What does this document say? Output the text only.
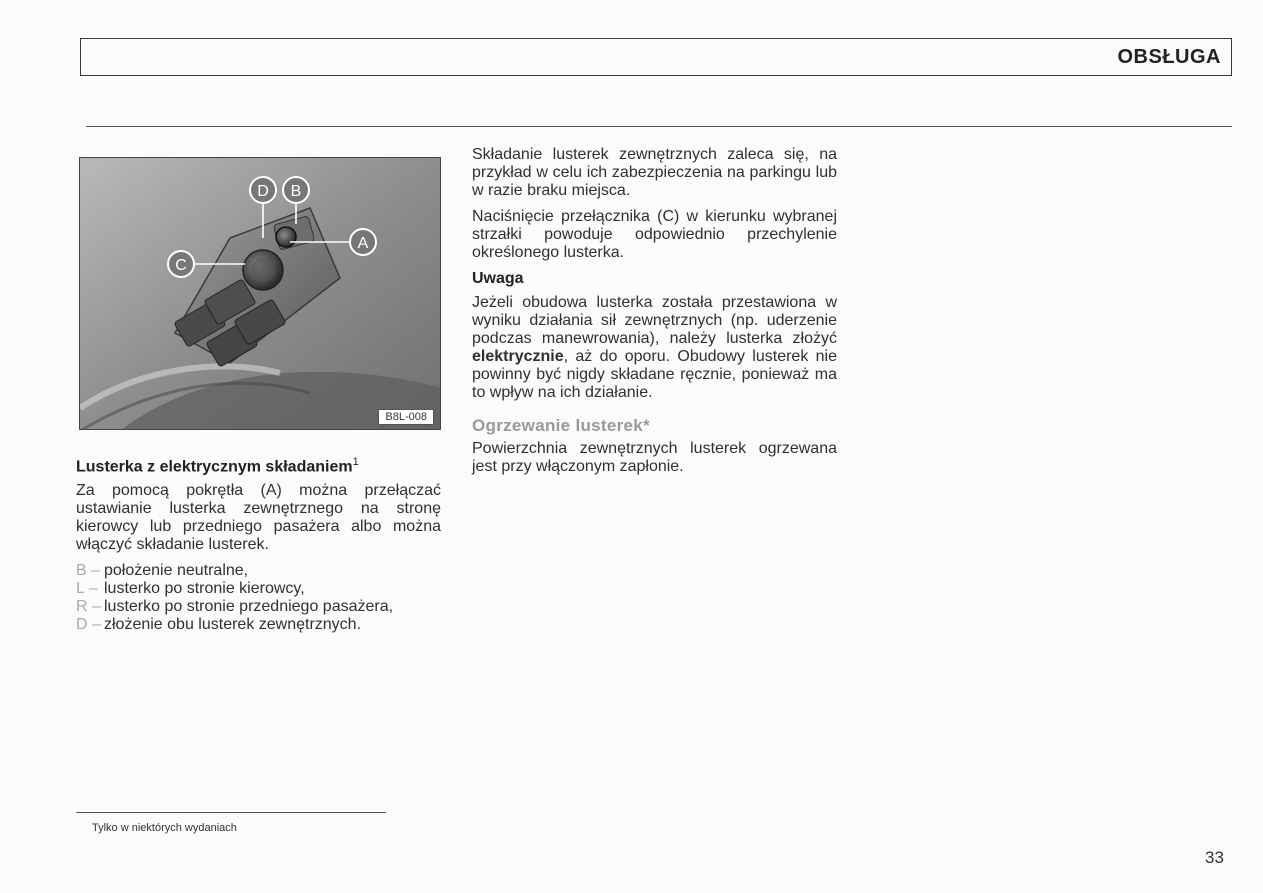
OBSŁUGA
D B
A
C
B8L-008
Lusterka z elektrycznym składaniem$^1$

Za pomocą pokrętła (A) można przełączać ustawianie lusterka zewnętrznego na stronę kierowcy lub przedniego pasażera albo można włączyć składanie lusterek.

B – położenie neutralne,
L – lusterko po stronie kierowcy,
R – lusterko po stronie przedniego pasażera,
D – złożenie obu lusterek zewnętrznych.

Składanie lusterek zewnętrznych zaleca się, na przykład w celu ich zabezpieczenia na parkingu lub w razie braku miejsca.

Naciśnięcie przełącznika (C) w kierunku wybranej strzałki powoduje odpowiednio przechylenie określonego lusterka.

Uwaga

Jeżeli obudowa lusterka została przestawiona w wyniku działania sił zewnętrznych (np. uderzenie podczas manewrowania), należy lusterka złożyć elektrycznie, aż do oporu. Obudowy lusterek nie powinny być nigdy składane ręcznie, ponieważ ma to wpływ na ich działanie.

Ogrzewanie lusterek*

Powierzchnia zewnętrznych lusterek ogrzewana jest przy włączonym zapłonie.

Tylko w niektórych wydaniach
33
